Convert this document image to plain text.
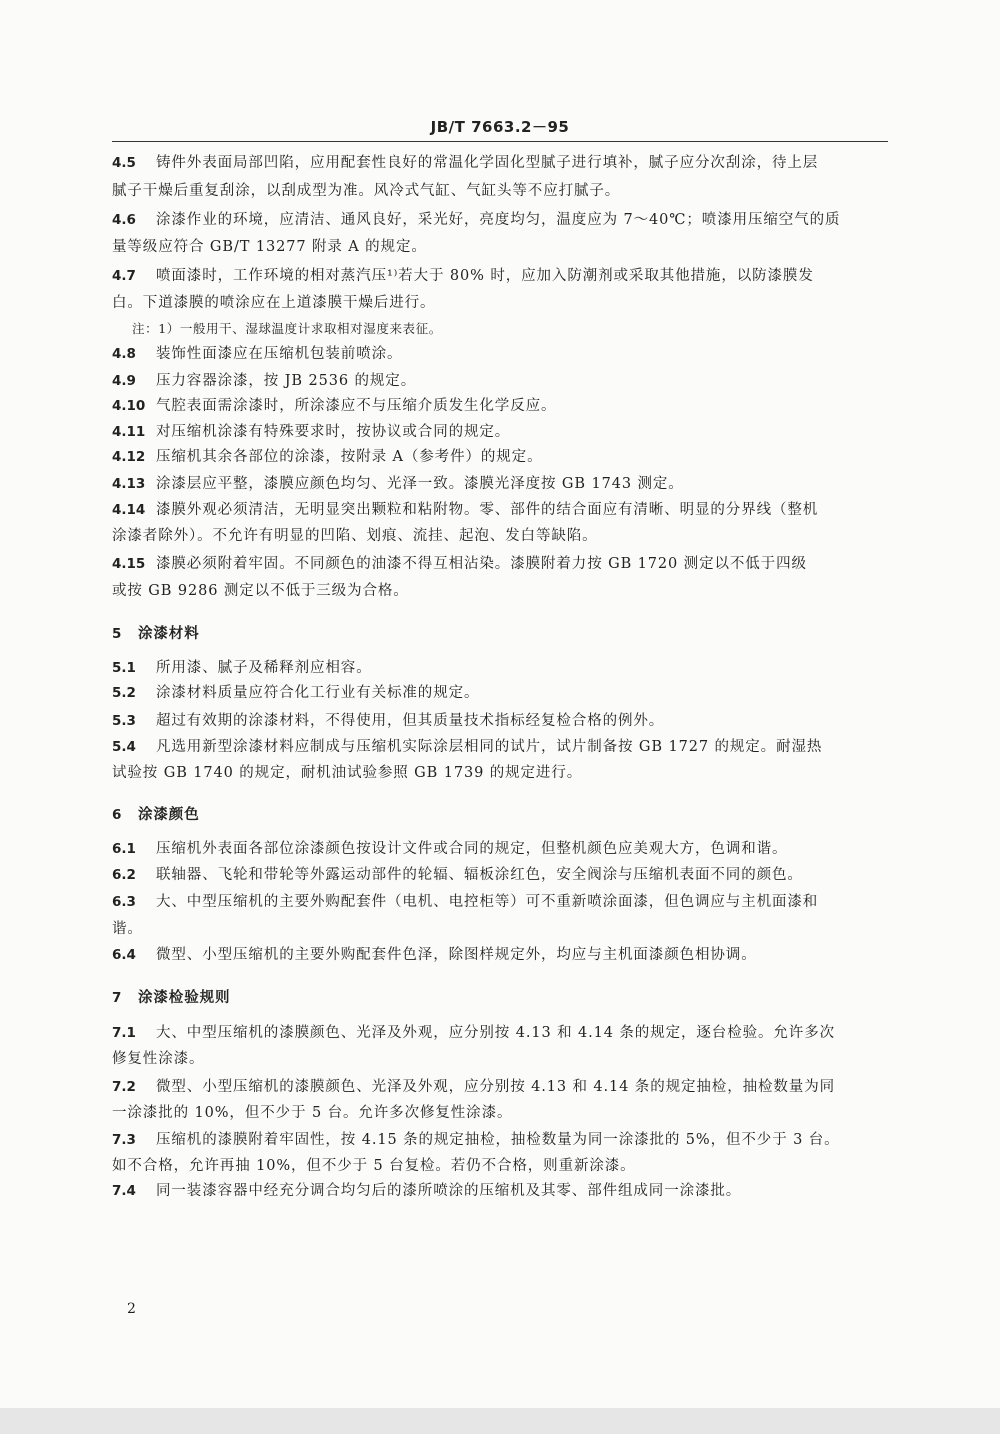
JB/T 7663.2－95
4.5 铸件外表面局部凹陷，应用配套性良好的常温化学固化型腻子进行填补，腻子应分次刮涂，待上层
腻子干燥后重复刮涂，以刮成型为准。风冷式气缸、气缸头等不应打腻子。
4.6 涂漆作业的环境，应清洁、通风良好，采光好，亮度均匀，温度应为 7～40℃；喷漆用压缩空气的质
量等级应符合 GB/T 13277 附录 A 的规定。
4.7 喷面漆时，工作环境的相对蒸汽压¹⁾若大于 80% 时，应加入防潮剂或采取其他措施，以防漆膜发
白。下道漆膜的喷涂应在上道漆膜干燥后进行。
注：1）一般用干、湿球温度计求取相对湿度来表征。
4.8 装饰性面漆应在压缩机包装前喷涂。
4.9 压力容器涂漆，按 JB 2536 的规定。
4.10 气腔表面需涂漆时，所涂漆应不与压缩介质发生化学反应。
4.11 对压缩机涂漆有特殊要求时，按协议或合同的规定。
4.12 压缩机其余各部位的涂漆，按附录 A（参考件）的规定。
4.13 涂漆层应平整，漆膜应颜色均匀、光泽一致。漆膜光泽度按 GB 1743 测定。
4.14 漆膜外观必须清洁，无明显突出颗粒和粘附物。零、部件的结合面应有清晰、明显的分界线（整机
涂漆者除外）。不允许有明显的凹陷、划痕、流挂、起泡、发白等缺陷。
4.15 漆膜必须附着牢固。不同颜色的油漆不得互相沾染。漆膜附着力按 GB 1720 测定以不低于四级
或按 GB 9286 测定以不低于三级为合格。
5 涂漆材料
5.1 所用漆、腻子及稀释剂应相容。
5.2 涂漆材料质量应符合化工行业有关标准的规定。
5.3 超过有效期的涂漆材料，不得使用，但其质量技术指标经复检合格的例外。
5.4 凡选用新型涂漆材料应制成与压缩机实际涂层相同的试片，试片制备按 GB 1727 的规定。耐湿热
试验按 GB 1740 的规定，耐机油试验参照 GB 1739 的规定进行。
6 涂漆颜色
6.1 压缩机外表面各部位涂漆颜色按设计文件或合同的规定，但整机颜色应美观大方，色调和谐。
6.2 联轴器、飞轮和带轮等外露运动部件的轮辐、辐板涂红色，安全阀涂与压缩机表面不同的颜色。
6.3 大、中型压缩机的主要外购配套件（电机、电控柜等）可不重新喷涂面漆，但色调应与主机面漆和
谐。
6.4 微型、小型压缩机的主要外购配套件色泽，除图样规定外，均应与主机面漆颜色相协调。
7 涂漆检验规则
7.1 大、中型压缩机的漆膜颜色、光泽及外观，应分别按 4.13 和 4.14 条的规定，逐台检验。允许多次
修复性涂漆。
7.2 微型、小型压缩机的漆膜颜色、光泽及外观，应分别按 4.13 和 4.14 条的规定抽检，抽检数量为同
一涂漆批的 10%，但不少于 5 台。允许多次修复性涂漆。
7.3 压缩机的漆膜附着牢固性，按 4.15 条的规定抽检，抽检数量为同一涂漆批的 5%，但不少于 3 台。
如不合格，允许再抽 10%，但不少于 5 台复检。若仍不合格，则重新涂漆。
7.4 同一装漆容器中经充分调合均匀后的漆所喷涂的压缩机及其零、部件组成同一涂漆批。
2
